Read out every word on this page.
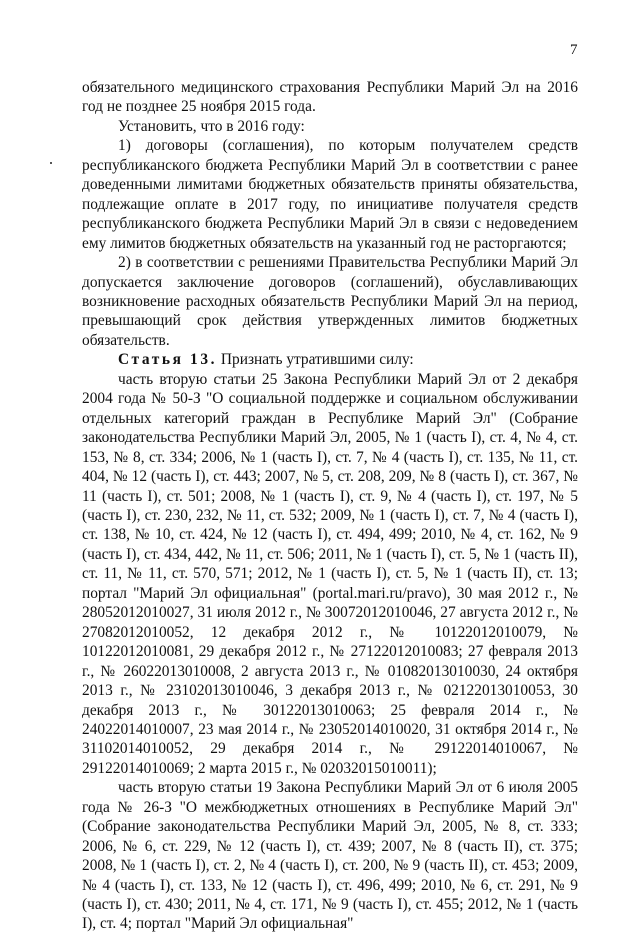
7

обязательного медицинского страхования Республики Марий Эл на 2016 год не позднее 25 ноября 2015 года.

Установить, что в 2016 году:

1) договоры (соглашения), по которым получателем средств республиканского бюджета Республики Марий Эл в соответствии с ранее доведенными лимитами бюджетных обязательств приняты обязательства, подлежащие оплате в 2017 году, по инициативе получателя средств республиканского бюджета Республики Марий Эл в связи с недоведением ему лимитов бюджетных обязательств на указанный год не расторгаются;

2) в соответствии с решениями Правительства Республики Марий Эл допускается заключение договоров (соглашений), обуславливающих возникновение расходных обязательств Республики Марий Эл на период, превышающий срок действия утвержденных лимитов бюджетных обязательств.

Статья 13. Признать утратившими силу:

часть вторую статьи 25 Закона Республики Марий Эл от 2 декабря 2004 года № 50-З "О социальной поддержке и социальном обслуживании отдельных категорий граждан в Республике Марий Эл" (Собрание законодательства Республики Марий Эл, 2005, № 1 (часть I), ст. 4, № 4, ст. 153, № 8, ст. 334; 2006, № 1 (часть I), ст. 7, № 4 (часть I), ст. 135, № 11, ст. 404, № 12 (часть I), ст. 443; 2007, № 5, ст. 208, 209, № 8 (часть I), ст. 367, № 11 (часть I), ст. 501; 2008, № 1 (часть I), ст. 9, № 4 (часть I), ст. 197, № 5 (часть I), ст. 230, 232, № 11, ст. 532; 2009, № 1 (часть I), ст. 7, № 4 (часть I), ст. 138, № 10, ст. 424, № 12 (часть I), ст. 494, 499; 2010, № 4, ст. 162, № 9 (часть I), ст. 434, 442, № 11, ст. 506; 2011, № 1 (часть I), ст. 5, № 1 (часть II), ст. 11, № 11, ст. 570, 571; 2012, № 1 (часть I), ст. 5, № 1 (часть II), ст. 13; портал "Марий Эл официальная" (portal.mari.ru/pravo), 30 мая 2012 г., № 28052012010027, 31 июля 2012 г., № 30072012010046, 27 августа 2012 г., № 27082012010052, 12 декабря 2012 г., № 10122012010079, № 10122012010081, 29 декабря 2012 г., № 27122012010083; 27 февраля 2013 г., № 26022013010008, 2 августа 2013 г., № 01082013010030, 24 октября 2013 г., № 23102013010046, 3 декабря 2013 г., № 02122013010053, 30 декабря 2013 г., № 30122013010063; 25 февраля 2014 г., № 24022014010007, 23 мая 2014 г., № 23052014010020, 31 октября 2014 г., № 31102014010052, 29 декабря 2014 г., № 29122014010067, № 29122014010069; 2 марта 2015 г., № 02032015010011);

часть вторую статьи 19 Закона Республики Марий Эл от 6 июля 2005 года № 26-З "О межбюджетных отношениях в Республике Марий Эл" (Собрание законодательства Республики Марий Эл, 2005, № 8, ст. 333; 2006, № 6, ст. 229, № 12 (часть I), ст. 439; 2007, № 8 (часть II), ст. 375; 2008, № 1 (часть I), ст. 2, № 4 (часть I), ст. 200, № 9 (часть II), ст. 453; 2009, № 4 (часть I), ст. 133, № 12 (часть I), ст. 496, 499; 2010, № 6, ст. 291, № 9 (часть I), ст. 430; 2011, № 4, ст. 171, № 9 (часть I), ст. 455; 2012, № 1 (часть I), ст. 4; портал "Марий Эл официальная"
